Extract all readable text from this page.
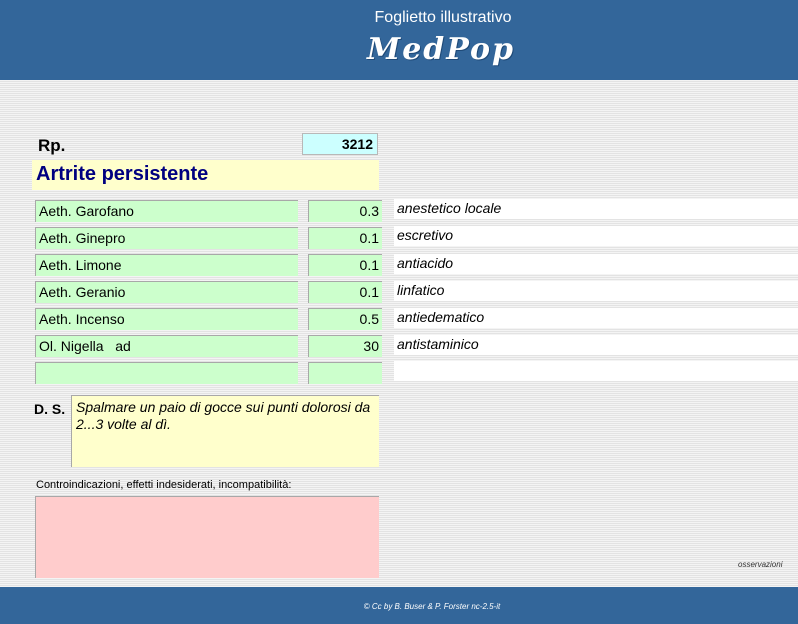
Foglietto illustrativo
MedPop
Rp.	3212
Artrite persistente
Aeth. Garofano	0.3 anestetico locale
Aeth. Ginepro	0.1 escretivo
Aeth. Limone	0.1 antiacido
Aeth. Geranio	0.1 linfatico
Aeth. Incenso	0.5 antiedematico
Ol. Nigella   ad	30 antistaminico
D. S. Spalmare un paio di gocce sui punti dolorosi da 2...3 volte al dì.
Controindicazioni, effetti indesiderati, incompatibilità:
osservazioni
© Cc by B. Buser & P. Forster nc-2.5-it
